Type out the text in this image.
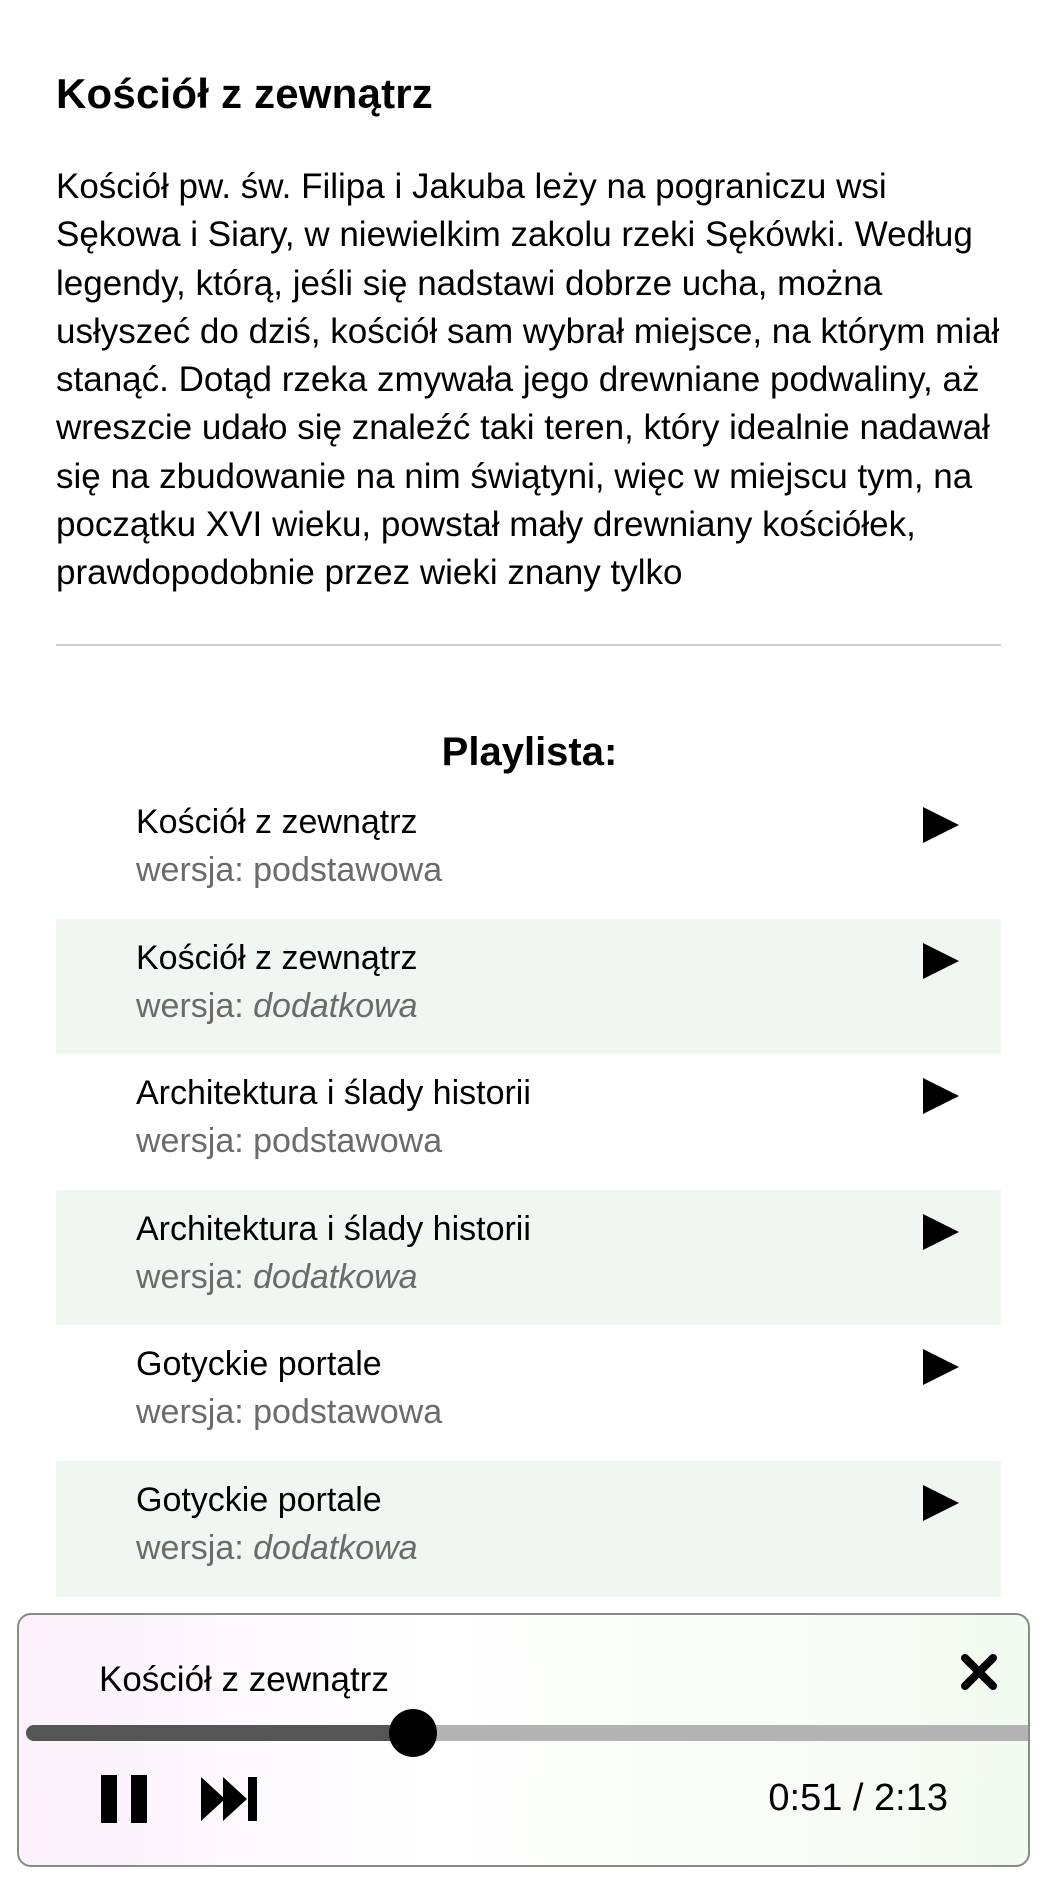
Kościół z zewnątrz
Kościół pw. św. Filipa i Jakuba leży na pograniczu wsi Sękowa i Siary, w niewielkim zakolu rzeki Sękówki. Według legendy, którą, jeśli się nadstawi dobrze ucha, można usłyszeć do dziś, kościół sam wybrał miejsce, na którym miał stanąć. Dotąd rzeka zmywała jego drewniane podwaliny, aż wreszcie udało się znaleźć taki teren, który idealnie nadawał się na zbudowanie na nim świątyni, więc w miejscu tym, na początku XVI wieku, powstał mały drewniany kościółek, prawdopodobnie przez wieki znany tylko
Playlista:
Kościół z zewnątrz
wersja: podstawowa
Kościół z zewnątrz
wersja: dodatkowa
Architektura i ślady historii
wersja: podstawowa
Architektura i ślady historii
wersja: dodatkowa
Gotyckie portale
wersja: podstawowa
Gotyckie portale
wersja: dodatkowa
Kościół z zewnątrz
0:51 / 2:13
